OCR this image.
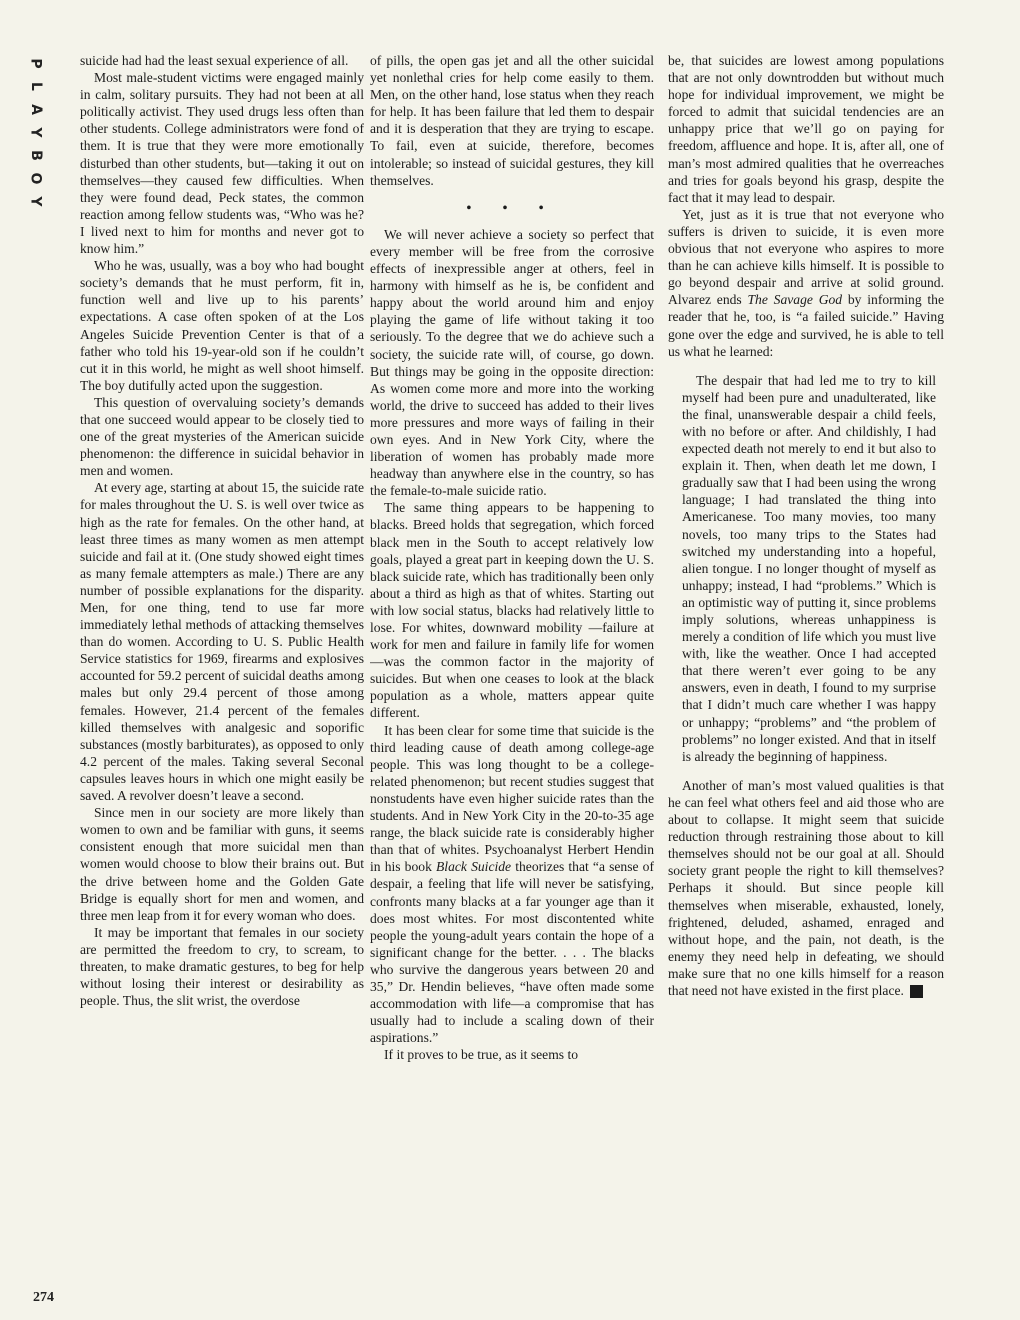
P
L
A
Y
B
O
Y
274

suicide had had the least sexual experience of all.

Most male-student victims were engaged mainly in calm, solitary pursuits. They had not been at all politically activist. They used drugs less often than other students. College administrators were fond of them. It is true that they were more emotionally disturbed than other students, but—taking it out on themselves—they caused few difficulties. When they were found dead, Peck states, the common reaction among fellow students was, “Who was he? I lived next to him for months and never got to know him.”

Who he was, usually, was a boy who had bought society’s demands that he must perform, fit in, function well and live up to his parents’ expectations. A case often spoken of at the Los Angeles Suicide Prevention Center is that of a father who told his 19-year-old son if he couldn’t cut it in this world, he might as well shoot himself. The boy dutifully acted upon the suggestion.

This question of overvaluing society’s demands that one succeed would appear to be closely tied to one of the great mysteries of the American suicide phenomenon: the difference in suicidal behavior in men and women.

At every age, starting at about 15, the suicide rate for males throughout the U. S. is well over twice as high as the rate for females. On the other hand, at least three times as many women as men attempt suicide and fail at it. (One study showed eight times as many female attempters as male.) There are any number of possible explanations for the disparity. Men, for one thing, tend to use far more immediately lethal methods of attacking themselves than do women. According to U. S. Public Health Service statistics for 1969, firearms and explosives accounted for 59.2 percent of suicidal deaths among males but only 29.4 percent of those among females. However, 21.4 percent of the females killed themselves with analgesic and soporific substances (mostly barbiturates), as opposed to only 4.2 percent of the males. Taking several Seconal capsules leaves hours in which one might easily be saved. A revolver doesn’t leave a second.

Since men in our society are more likely than women to own and be familiar with guns, it seems consistent enough that more suicidal men than women would choose to blow their brains out. But the drive between home and the Golden Gate Bridge is equally short for men and women, and three men leap from it for every woman who does.

It may be important that females in our society are permitted the freedom to cry, to scream, to threaten, to make dramatic gestures, to beg for help without losing their interest or desirability as people. Thus, the slit wrist, the overdose

of pills, the open gas jet and all the other suicidal yet nonlethal cries for help come easily to them. Men, on the other hand, lose status when they reach for help. It has been failure that led them to despair and it is desperation that they are trying to escape. To fail, even at suicide, therefore, becomes intolerable; so instead of suicidal gestures, they kill themselves.

• • •

We will never achieve a society so perfect that every member will be free from the corrosive effects of inexpressible anger at others, feel in harmony with himself as he is, be confident and happy about the world around him and enjoy playing the game of life without taking it too seriously. To the degree that we do achieve such a society, the suicide rate will, of course, go down. But things may be going in the opposite direction: As women come more and more into the working world, the drive to succeed has added to their lives more pressures and more ways of failing in their own eyes. And in New York City, where the liberation of women has probably made more headway than anywhere else in the country, so has the female-to-male suicide ratio.

The same thing appears to be happening to blacks. Breed holds that segregation, which forced black men in the South to accept relatively low goals, played a great part in keeping down the U. S. black suicide rate, which has traditionally been only about a third as high as that of whites. Starting out with low social status, blacks had relatively little to lose. For whites, downward mobility —failure at work for men and failure in family life for women—was the common factor in the majority of suicides. But when one ceases to look at the black population as a whole, matters appear quite different.

It has been clear for some time that suicide is the third leading cause of death among college-age people. This was long thought to be a college-related phenomenon; but recent studies suggest that nonstudents have even higher suicide rates than the students. And in New York City in the 20-to-35 age range, the black suicide rate is considerably higher than that of whites. Psychoanalyst Herbert Hendin in his book Black Suicide theorizes that “a sense of despair, a feeling that life will never be satisfying, confronts many blacks at a far younger age than it does most whites. For most discontented white people the young-adult years contain the hope of a significant change for the better. . . . The blacks who survive the dangerous years between 20 and 35,” Dr. Hendin believes, “have often made some accommodation with life—a compromise that has usually had to include a scaling down of their aspirations.”

If it proves to be true, as it seems to

be, that suicides are lowest among populations that are not only downtrodden but without much hope for individual improvement, we might be forced to admit that suicidal tendencies are an unhappy price that we’ll go on paying for freedom, affluence and hope. It is, after all, one of man’s most admired qualities that he overreaches and tries for goals beyond his grasp, despite the fact that it may lead to despair.

Yet, just as it is true that not everyone who suffers is driven to suicide, it is even more obvious that not everyone who aspires to more than he can achieve kills himself. It is possible to go beyond despair and arrive at solid ground. Alvarez ends The Savage God by informing the reader that he, too, is “a failed suicide.” Having gone over the edge and survived, he is able to tell us what he learned:

The despair that had led me to try to kill myself had been pure and unadulterated, like the final, unanswerable despair a child feels, with no before or after. And childishly, I had expected death not merely to end it but also to explain it. Then, when death let me down, I gradually saw that I had been using the wrong language; I had translated the thing into Americanese. Too many movies, too many novels, too many trips to the States had switched my understanding into a hopeful, alien tongue. I no longer thought of myself as unhappy; instead, I had “problems.” Which is an optimistic way of putting it, since problems imply solutions, whereas unhappiness is merely a condition of life which you must live with, like the weather. Once I had accepted that there weren’t ever going to be any answers, even in death, I found to my surprise that I didn’t much care whether I was happy or unhappy; “problems” and “the problem of problems” no longer existed. And that in itself is already the beginning of happiness.

Another of man’s most valued qualities is that he can feel what others feel and aid those who are about to collapse. It might seem that suicide reduction through restraining those about to kill themselves should not be our goal at all. Should society grant people the right to kill themselves? Perhaps it should. But since people kill themselves when miserable, exhausted, lonely, frightened, deluded, ashamed, enraged and without hope, and the pain, not death, is the enemy they need help in defeating, we should make sure that no one kills himself for a reason that need not have existed in the first place. Y
